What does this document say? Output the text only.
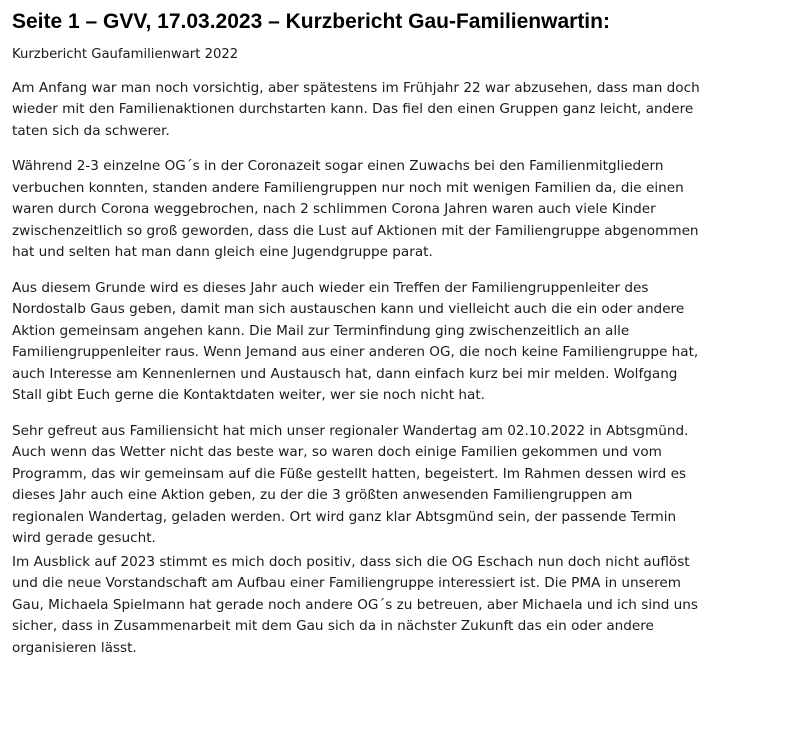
Seite 1 – GVV, 17.03.2023 – Kurzbericht Gau-Familienwartin:

Kurzbericht Gaufamilienwart 2022

Am Anfang war man noch vorsichtig, aber spätestens im Frühjahr 22 war abzusehen, dass man doch
wieder mit den Familienaktionen durchstarten kann. Das fiel den einen Gruppen ganz leicht, andere
taten sich da schwerer.
Während 2-3 einzelne OG´s in der Coronazeit sogar einen Zuwachs bei den Familienmitgliedern
verbuchen konnten, standen andere Familiengruppen nur noch mit wenigen Familien da, die einen
waren durch Corona weggebrochen, nach 2 schlimmen Corona Jahren waren auch viele Kinder
zwischenzeitlich so groß geworden, dass die Lust auf Aktionen mit der Familiengruppe abgenommen
hat und selten hat man dann gleich eine Jugendgruppe parat.
Aus diesem Grunde wird es dieses Jahr auch wieder ein Treffen der Familiengruppenleiter des
Nordostalb Gaus geben, damit man sich austauschen kann und vielleicht auch die ein oder andere
Aktion gemeinsam angehen kann. Die Mail zur Terminfindung ging zwischenzeitlich an alle
Familiengruppenleiter raus. Wenn Jemand aus einer anderen OG, die noch keine Familiengruppe hat,
auch Interesse am Kennenlernen und Austausch hat, dann einfach kurz bei mir melden. Wolfgang
Stall gibt Euch gerne die Kontaktdaten weiter, wer sie noch nicht hat.
Sehr gefreut aus Familiensicht hat mich unser regionaler Wandertag am 02.10.2022 in Abtsgmünd.
Auch wenn das Wetter nicht das beste war, so waren doch einige Familien gekommen und vom
Programm, das wir gemeinsam auf die Füße gestellt hatten, begeistert. Im Rahmen dessen wird es
dieses Jahr auch eine Aktion geben, zu der die 3 größten anwesenden Familiengruppen am
regionalen Wandertag, geladen werden. Ort wird ganz klar Abtsgmünd sein, der passende Termin
wird gerade gesucht.
Im Ausblick auf 2023 stimmt es mich doch positiv, dass sich die OG Eschach nun doch nicht auflöst
und die neue Vorstandschaft am Aufbau einer Familiengruppe interessiert ist. Die PMA in unserem
Gau, Michaela Spielmann hat gerade noch andere OG´s zu betreuen, aber Michaela und ich sind uns
sicher, dass in Zusammenarbeit mit dem Gau sich da in nächster Zukunft das ein oder andere
organisieren lässt.
